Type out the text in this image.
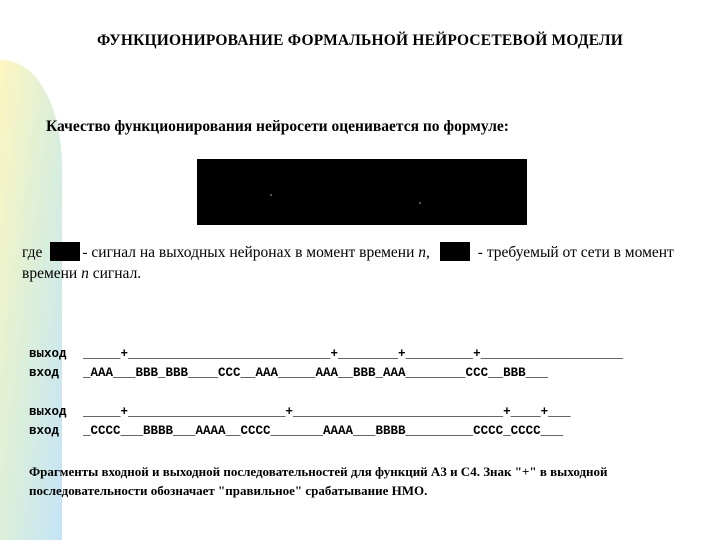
ФУНКЦИОНИРОВАНИЕ ФОРМАЛЬНОЙ НЕЙРОСЕТЕВОЙ МОДЕЛИ
Качество функционирования нейросети оценивается по формуле:
где	- сигнал на выходных нейронах в момент времени n,	- требуемый от сети в момент времени n сигнал.
выход _____+___________________________+________+_________+___________________
вход _AAA___BBB_BBB____CCC__AAA_____AAA__BBB_AAA________CCC__BBB___
выход _____+_____________________+____________________________+____+___
вход _CCCC___BBBB___AAAA__CCCC_______AAAA___BBBB_________CCCC_CCCC___
Фрагменты входной и выходной последовательностей для функций A3 и C4. Знак "+" в выходной последовательности обозначает "правильное" срабатывание НМО.
